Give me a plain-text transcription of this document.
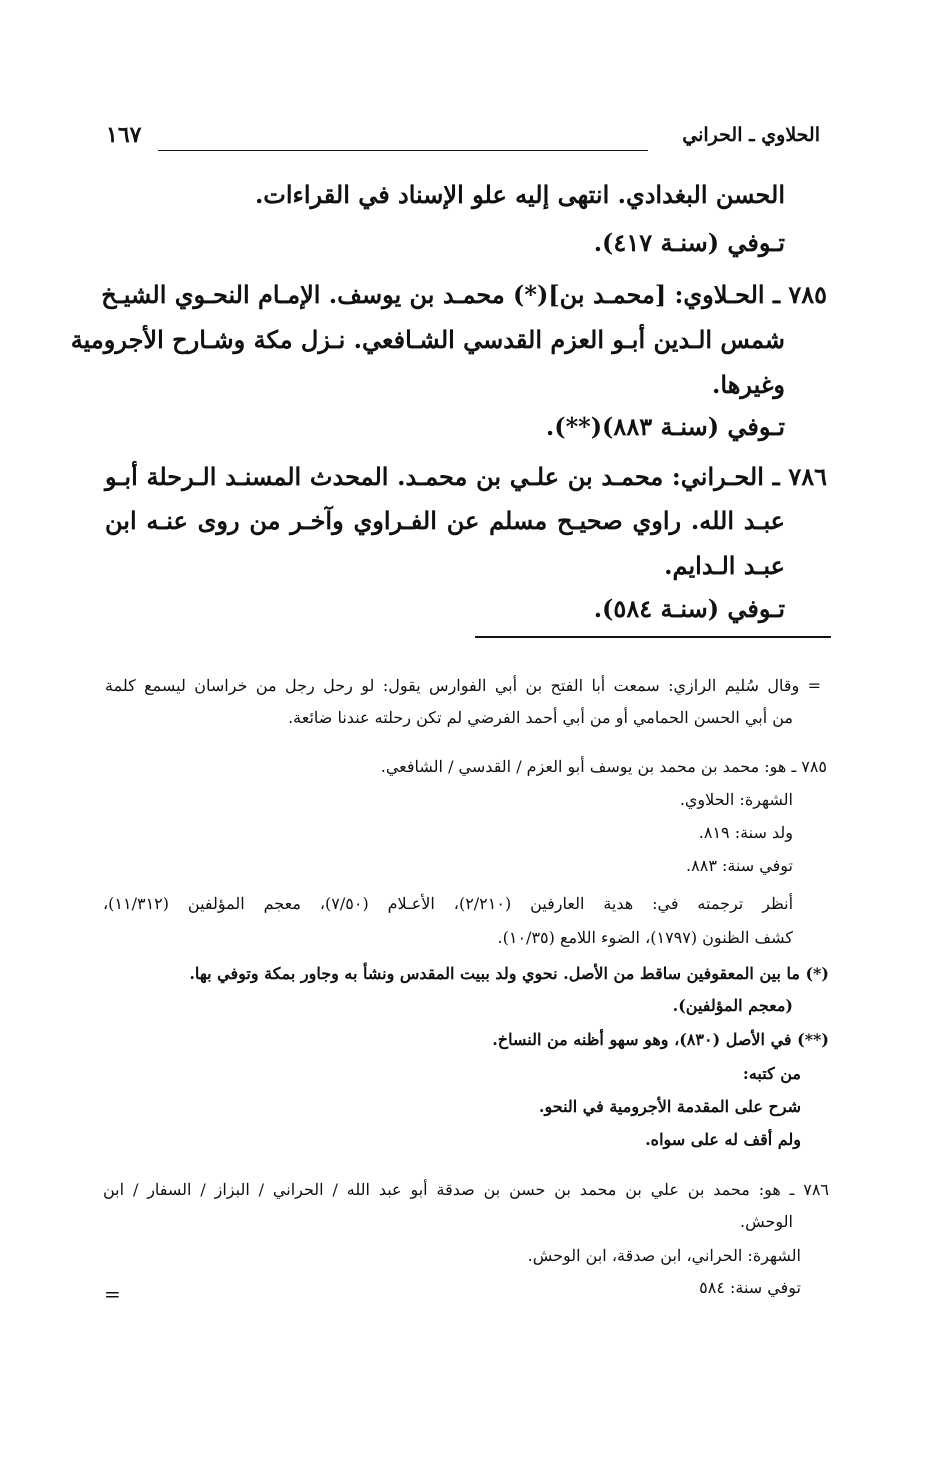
الحلاوي ـ الحراني
١٦٧
الحسن البغدادي. انتهى إليه علو الإسناد في القراءات.
تـوفي (سنـة ٤١٧).
٧٨٥ ـ الحـلاوي: [محمـد بن](*) محمـد بن يوسف. الإمـام النحـوي الشيـخ
شمس الـدين أبـو العزم القدسي الشـافعي. نـزل مكة وشـارح الأجرومية
وغيرها.
تـوفي (سنـة ٨٨٣)(**).
٧٨٦ ـ الحـراني: محمـد بن علـي بن محمـد. المحدث المسنـد الـرحلة أبـو
عبـد الله. راوي صحيـح مسلم عن الفـراوي وآخـر من روى عنـه ابن
عبـد الـدايم.
تـوفي (سنـة ٥٨٤).
= وقال سُليم الرازي: سمعت أبا الفتح بن أبي الفوارس يقول: لو رحل رجل من خراسان ليسمع كلمة
من أبي الحسن الحمامي أو من أبي أحمد الفرضي لم تكن رحلته عندنا ضائعة.
٧٨٥ ـ هو: محمد بن محمد بن يوسف أبو العزم / القدسي / الشافعي.
الشهرة: الحلاوي.
ولد سنة: ٨١٩.
توفي سنة: ٨٨٣.
أنظر ترجمته في: هدية العارفين (٢/٢١٠)، الأعـلام (٧/٥٠)، معجم المؤلفين (١١/٣١٢)،
كشف الظنون (١٧٩٧)، الضوء اللامع (١٠/٣٥).
(*) ما بين المعقوفين ساقط من الأصل. نحوي ولد ببيت المقدس ونشأ به وجاور بمكة وتوفي بها.
(معجم المؤلفين).
(**) في الأصل (٨٣٠)، وهو سهو أظنه من النساخ.
من كتبه:
شرح على المقدمة الأجرومية في النحو.
ولم أقف له على سواه.
٧٨٦ ـ هو: محمد بن علي بن محمد بن حسن بن صدقة أبو عبد الله / الحراني / البزاز / السفار / ابن
الوحش.
الشهرة: الحراني، ابن صدقة، ابن الوحش.
توفي سنة: ٥٨٤
=
